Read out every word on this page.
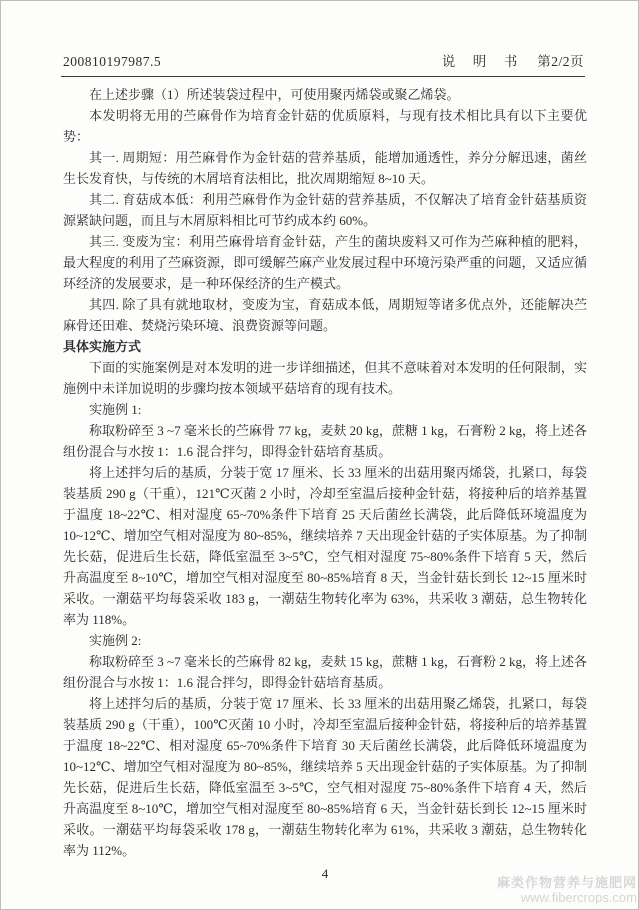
200810197987.5	说　明　书 第2/2页

在上述步骤（1）所述装袋过程中，可使用聚丙烯袋或聚乙烯袋。

本发明将无用的苎麻骨作为培育金针菇的优质原料，与现有技术相比具有以下主要优势：

其一. 周期短：用苎麻骨作为金针菇的营养基质，能增加通透性，养分分解迅速，菌丝生长发育快，与传统的木屑培育法相比，批次周期缩短 8~10 天。

其二. 育菇成本低：利用苎麻骨作为金针菇的营养基质，不仅解决了培育金针菇基质资源紧缺问题，而且与木屑原料相比可节约成本约 60%。

其三. 变废为宝：利用苎麻骨培育金针菇，产生的菌块废料又可作为苎麻种植的肥料，最大程度的利用了苎麻资源，即可缓解苎麻产业发展过程中环境污染严重的问题，又适应循环经济的发展要求，是一种环保经济的生产模式。

其四. 除了具有就地取材，变废为宝，育菇成本低，周期短等诸多优点外，还能解决苎麻骨还田难、焚烧污染环境、浪费资源等问题。

具体实施方式

下面的实施案例是对本发明的进一步详细描述，但其不意味着对本发明的任何限制，实施例中未详加说明的步骤均按本领域平菇培育的现有技术。

实施例 1:

称取粉碎至 3 ~7 毫米长的苎麻骨 77 kg，麦麸 20 kg，蔗糖 1 kg，石膏粉 2 kg，将上述各组份混合与水按 1：1.6 混合拌匀，即得金针菇培育基质。

将上述拌匀后的基质，分装于宽 17 厘米、长 33 厘米的出菇用聚丙烯袋，扎紧口，每袋装基质 290 g（干重），121℃灭菌 2 小时，冷却至室温后接种金针菇，将接种后的培养基置于温度 18~22℃、相对湿度 65~70%条件下培育 25 天后菌丝长满袋，此后降低环境温度为 10~12℃、增加空气相对湿度为 80~85%，继续培养 7 天出现金针菇的子实体原基。为了抑制先长菇，促进后生长菇，降低室温至 3~5℃，空气相对湿度 75~80%条件下培育 5 天，然后升高温度至 8~10℃，增加空气相对湿度至 80~85%培育 8 天，当金针菇长到长 12~15 厘米时采收。一潮菇平均每袋采收 183 g，一潮菇生物转化率为 63%，共采收 3 潮菇，总生物转化率为 118%。

实施例 2:

称取粉碎至 3 ~7 毫米长的苎麻骨 82 kg，麦麸 15 kg，蔗糖 1 kg，石膏粉 2 kg，将上述各组份混合与水按 1：1.6 混合拌匀，即得金针菇培育基质。

将上述拌匀后的基质，分装于宽 17 厘米、长 33 厘米的出菇用聚乙烯袋，扎紧口，每袋装基质 290 g（干重），100℃灭菌 10 小时，冷却至室温后接种金针菇，将接种后的培养基置于温度 18~22℃、相对湿度 65~70%条件下培育 30 天后菌丝长满袋，此后降低环境温度为 10~12℃、增加空气相对湿度为 80~85%，继续培养 5 天出现金针菇的子实体原基。为了抑制先长菇，促进后生长菇，降低室温至 3~5℃，空气相对湿度 75~80%条件下培育 4 天，然后升高温度至 8~10℃，增加空气相对湿度至 80~85%培育 6 天，当金针菇长到长 12~15 厘米时采收。一潮菇平均每袋采收 178 g，一潮菇生物转化率为 61%，共采收 3 潮菇，总生物转化率为 112%。

4
麻类作物营养与施肥网
www.fibercrops.com
